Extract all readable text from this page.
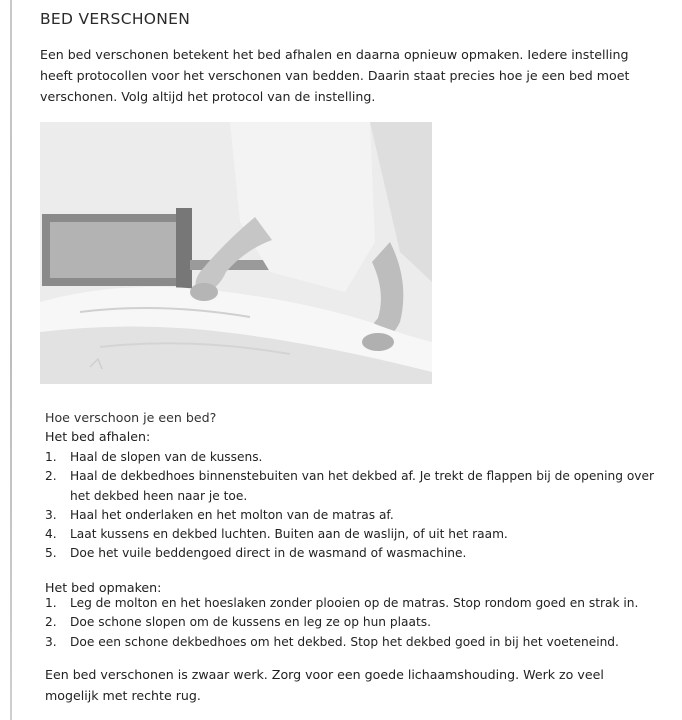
BED VERSCHONEN

Een bed verschonen betekent het bed afhalen en daarna opnieuw opmaken. Iedere instelling heeft protocollen voor het verschonen van bedden. Daarin staat precies hoe je een bed moet verschonen. Volg altijd het protocol van de instelling.

Hoe verschoon je een bed?

Het bed afhalen:

1. Haal de slopen van de kussens.
2. Haal de dekbedhoes binnenstebuiten van het dekbed af. Je trekt de flappen bij de opening over het dekbed heen naar je toe.
3. Haal het onderlaken en het molton van de matras af.
4. Laat kussens en dekbed luchten. Buiten aan de waslijn, of uit het raam.
5. Doe het vuile beddengoed direct in de wasmand of wasmachine.

Het bed opmaken:

1. Leg de molton en het hoeslaken zonder plooien op de matras. Stop rondom goed en strak in.
2. Doe schone slopen om de kussens en leg ze op hun plaats.
3. Doe een schone dekbedhoes om het dekbed. Stop het dekbed goed in bij het voeteneind.

Een bed verschonen is zwaar werk. Zorg voor een goede lichaamshouding. Werk zo veel mogelijk met rechte rug.
